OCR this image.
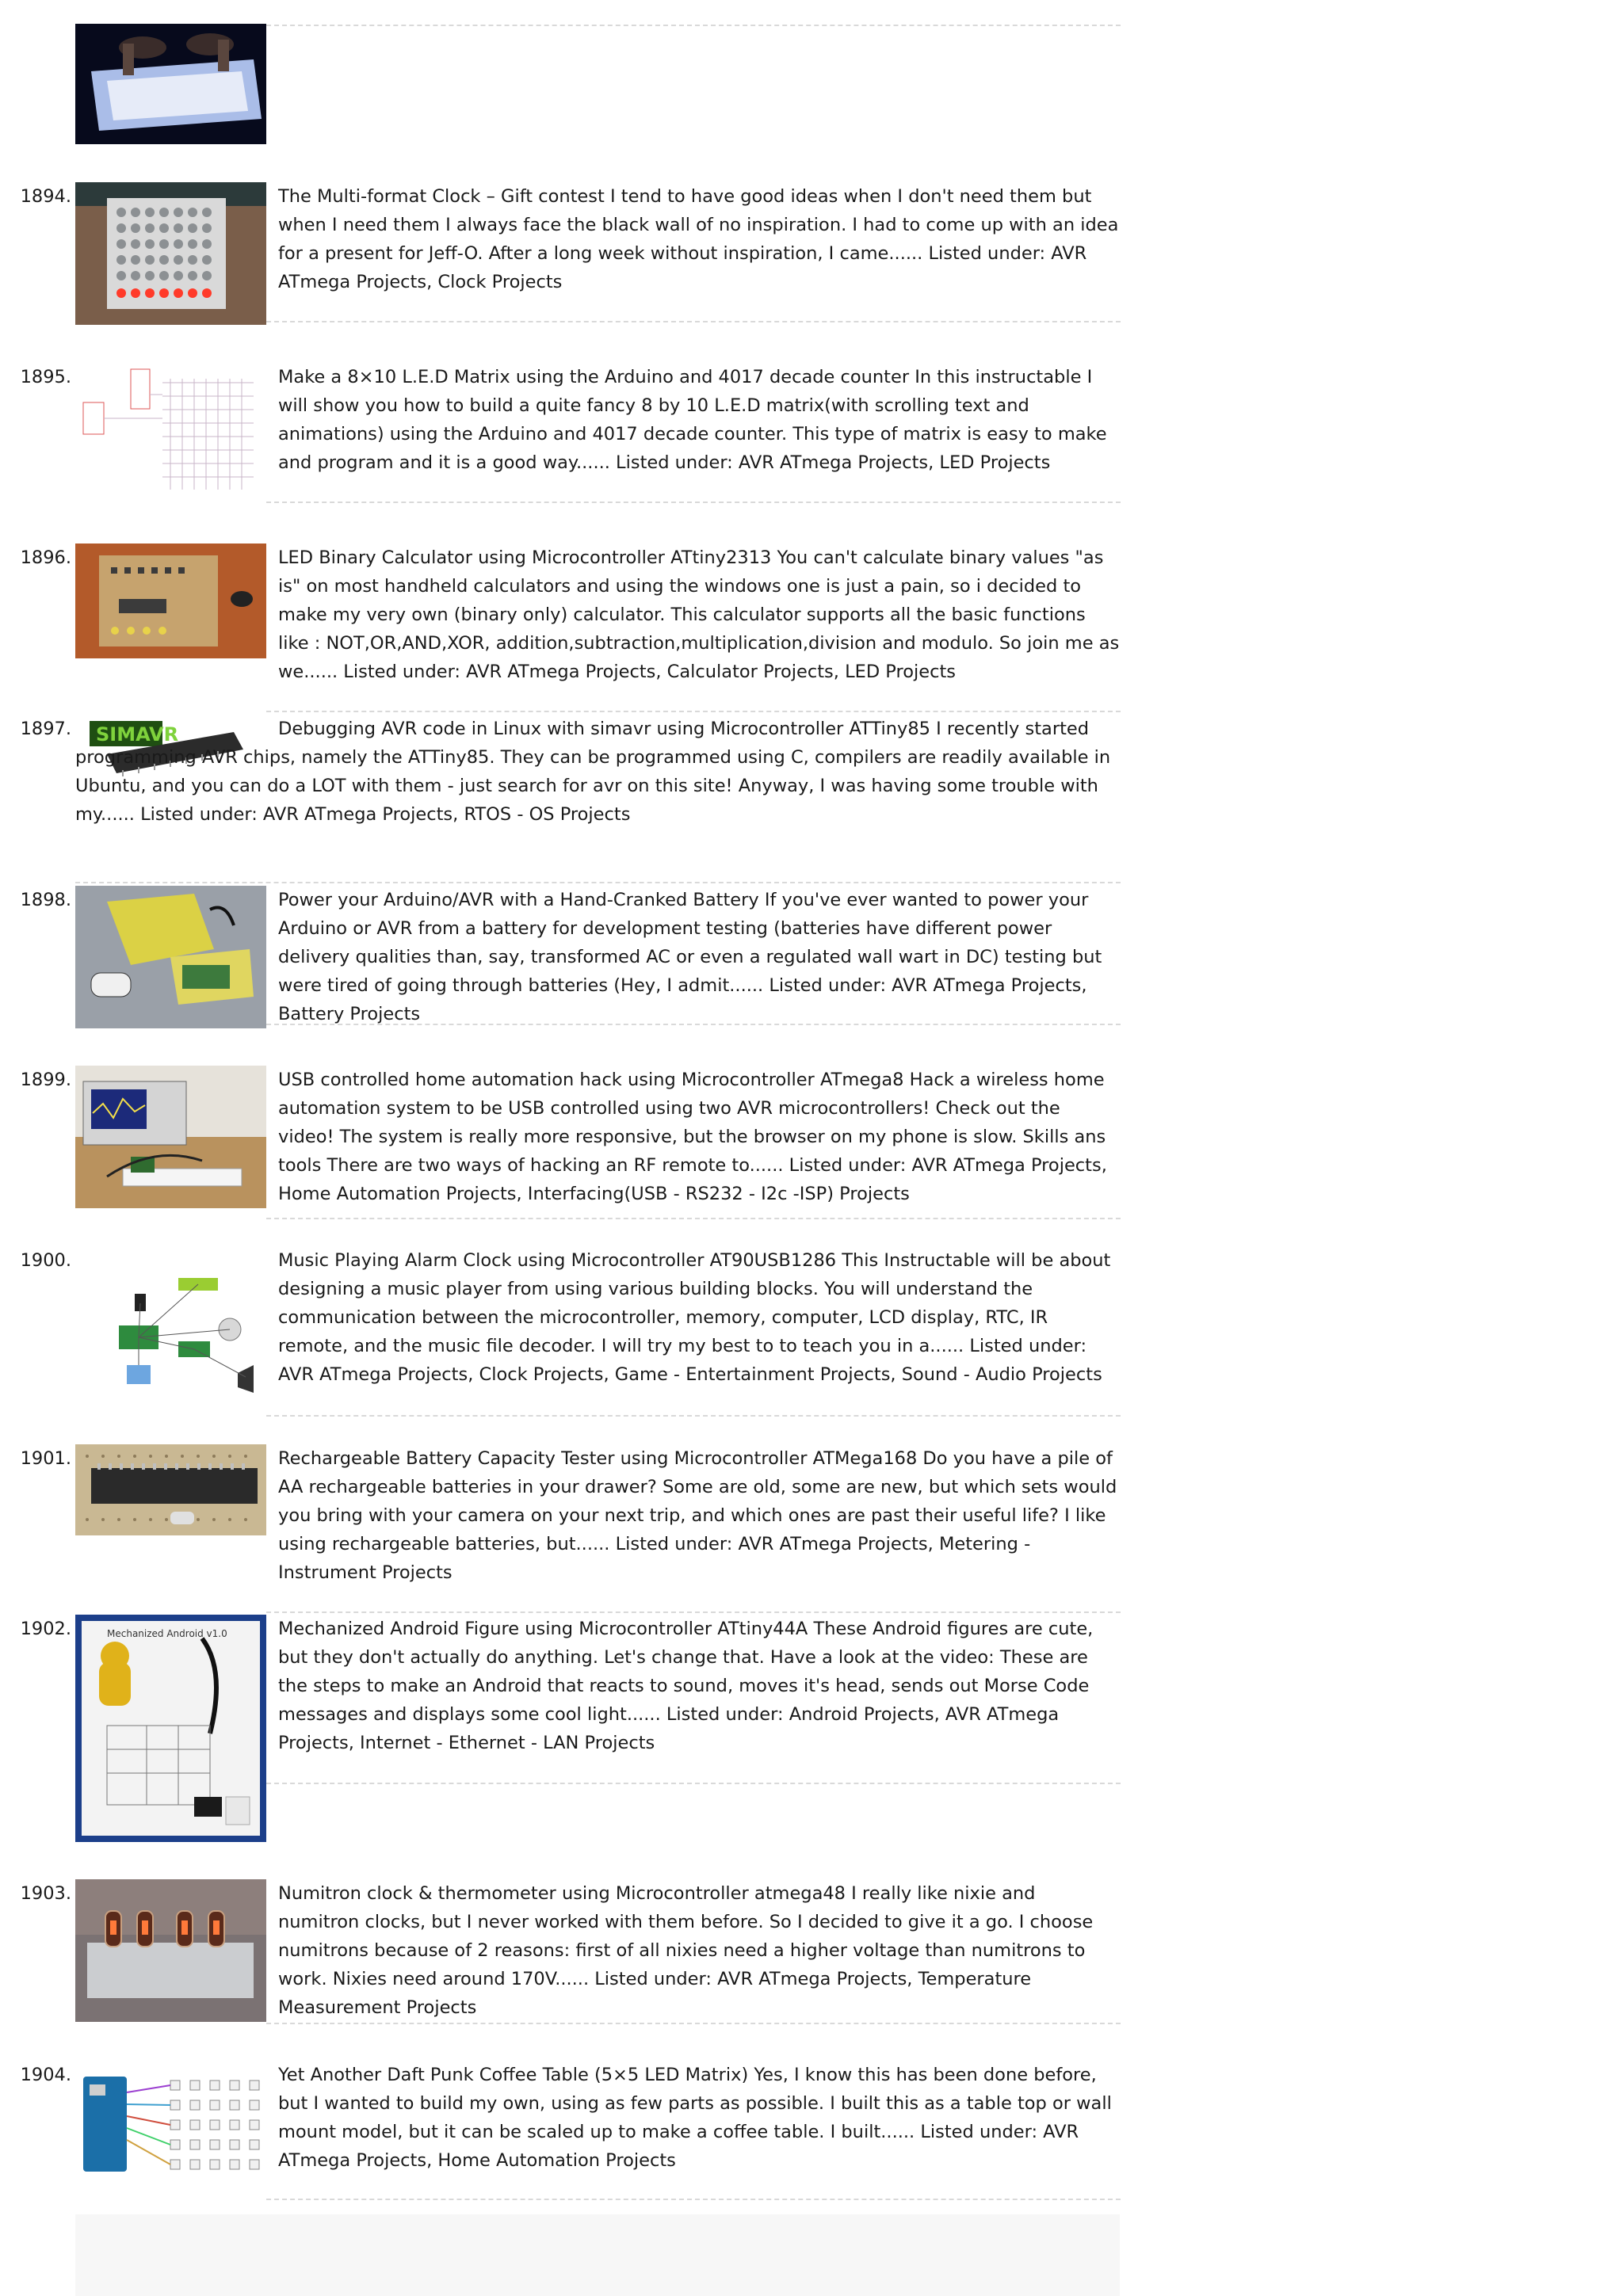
1894.	The Multi-format Clock – Gift contest I tend to have good ideas when I don't need them but when I need them I always face the black wall of no inspiration. I had to come up with an idea for a present for Jeff-O. After a long week without inspiration, I came...... Listed under: AVR ATmega Projects, Clock Projects

1895.	Make a 8×10 L.E.D Matrix using the Arduino and 4017 decade counter In this instructable I will show you how to build a quite fancy 8 by 10 L.E.D matrix(with scrolling text and animations) using the Arduino and 4017 decade counter. This type of matrix is easy to make and program and it is a good way...... Listed under: AVR ATmega Projects, LED Projects

1896.	LED Binary Calculator using Microcontroller ATtiny2313 You can't calculate binary values "as is" on most handheld calculators and using the windows one is just a pain, so i decided to make my very own (binary only) calculator. This calculator supports all the basic functions like : NOT,OR,AND,XOR, addition,subtraction,multiplication,division and modulo. So join me as we...... Listed under: AVR ATmega Projects, Calculator Projects, LED Projects

1897. SIMAVR	Debugging AVR code in Linux with simavr using Microcontroller ATTiny85 I recently started programming AVR chips, namely the ATTiny85. They can be programmed using C, compilers are readily available in Ubuntu, and you can do a LOT with them - just search for avr on this site! Anyway, I was having some trouble with my...... Listed under: AVR ATmega Projects, RTOS - OS Projects

1898.	Power your Arduino/AVR with a Hand-Cranked Battery If you've ever wanted to power your Arduino or AVR from a battery for development testing (batteries have different power delivery qualities than, say, transformed AC or even a regulated wall wart in DC) testing but were tired of going through batteries (Hey, I admit...... Listed under: AVR ATmega Projects, Battery Projects

1899.	USB controlled home automation hack using Microcontroller ATmega8 Hack a wireless home automation system to be USB controlled using two AVR microcontrollers! Check out the video! The system is really more responsive, but the browser on my phone is slow. Skills ans tools There are two ways of hacking an RF remote to...... Listed under: AVR ATmega Projects, Home Automation Projects, Interfacing(USB - RS232 - I2c -ISP) Projects

1900.	Music Playing Alarm Clock using Microcontroller AT90USB1286 This Instructable will be about designing a music player from using various building blocks. You will understand the communication between the microcontroller, memory, computer, LCD display, RTC, IR remote, and the music file decoder. I will try my best to to teach you in a...... Listed under: AVR ATmega Projects, Clock Projects, Game - Entertainment Projects, Sound - Audio Projects

1901.	Rechargeable Battery Capacity Tester using Microcontroller ATMega168 Do you have a pile of AA rechargeable batteries in your drawer? Some are old, some are new, but which sets would you bring with your camera on your next trip, and which ones are past their useful life? I like using rechargeable batteries, but...... Listed under: AVR ATmega Projects, Metering - Instrument Projects

1902.	Mechanized Android v1.0	Mechanized Android Figure using Microcontroller ATtiny44A These Android figures are cute, but they don't actually do anything. Let's change that. Have a look at the video: These are the steps to make an Android that reacts to sound, moves it's head, sends out Morse Code messages and displays some cool light...... Listed under: Android Projects, AVR ATmega Projects, Internet - Ethernet - LAN Projects

1903.	Numitron clock & thermometer using Microcontroller atmega48 I really like nixie and numitron clocks, but I never worked with them before. So I decided to give it a go. I choose numitrons because of 2 reasons: first of all nixies need a higher voltage than numitrons to work. Nixies need around 170V...... Listed under: AVR ATmega Projects, Temperature Measurement Projects

1904.	Yet Another Daft Punk Coffee Table (5×5 LED Matrix) Yes, I know this has been done before, but I wanted to build my own, using as few parts as possible. I built this as a table top or wall mount model, but it can be scaled up to make a coffee table. I built...... Listed under: AVR ATmega Projects, Home Automation Projects
